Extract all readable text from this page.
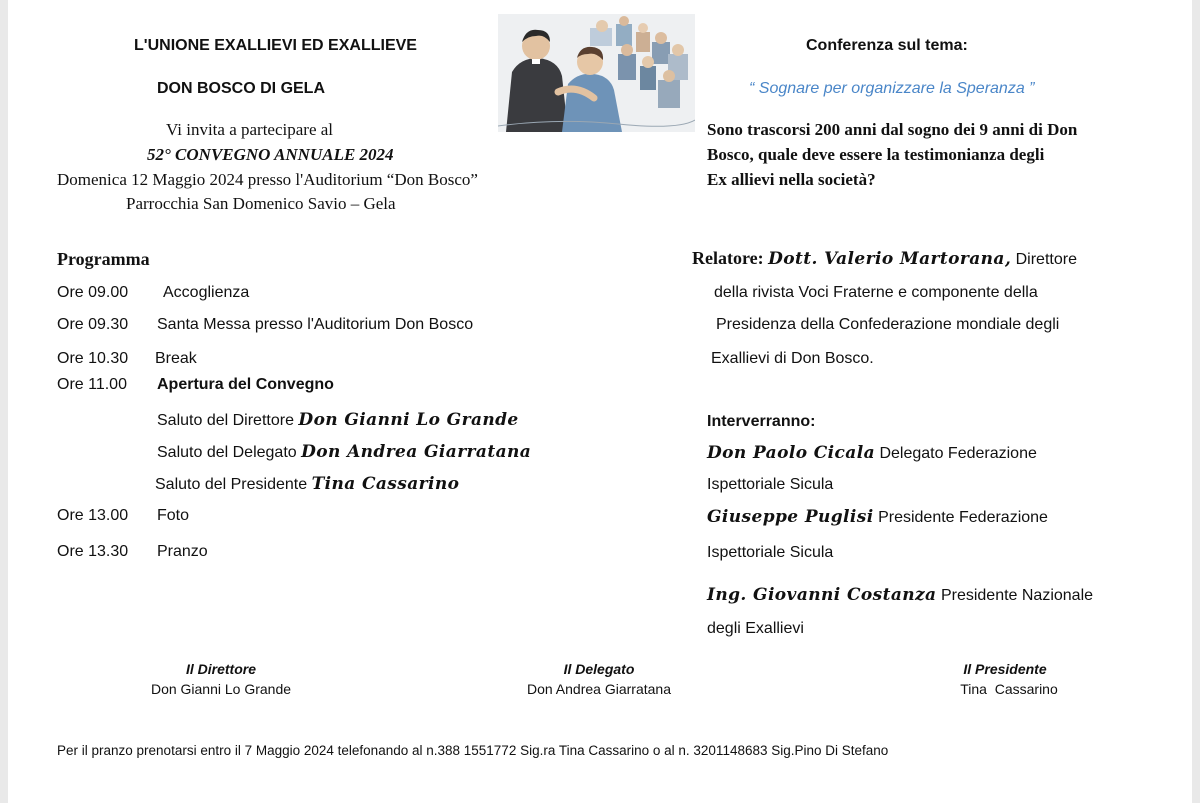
L'UNIONE EXALLIEVI ED EXALLIEVE
DON BOSCO DI GELA
Vi invita a partecipare al
52° CONVEGNO ANNUALE 2024
Domenica 12 Maggio 2024 presso l'Auditorium “Don Bosco”
Parrocchia San Domenico Savio – Gela
Conferenza sul tema:
“ Sognare per organizzare la Speranza ”
Sono trascorsi 200 anni dal sogno dei 9 anni di Don
Bosco, quale deve essere la testimonianza degli
Ex allievi nella società?
Programma
Ore 09.00 Accoglienza
Ore 09.30 Santa Messa presso l'Auditorium Don Bosco
Ore 10.30 Break
Ore 11.00 Apertura del Convegno
Saluto del Direttore Don Gianni Lo Grande
Saluto del Delegato Don Andrea Giarratana
Saluto del Presidente Tina Cassarino
Ore 13.00 Foto
Ore 13.30 Pranzo
Relatore: Dott. Valerio Martorana, Direttore
della rivista Voci Fraterne e componente della
Presidenza della Confederazione mondiale degli
Exallievi di Don Bosco.
Interverranno:
Don Paolo Cicala Delegato Federazione
Ispettoriale Sicula
Giuseppe Puglisi Presidente Federazione
Ispettoriale Sicula
Ing. Giovanni Costanza Presidente Nazionale
degli Exallievi
Il Direttore
Don Gianni Lo Grande
Il Delegato
Don Andrea Giarratana
Il Presidente
Tina  Cassarino
Per il pranzo prenotarsi entro il 7 Maggio 2024 telefonando al n.388 1551772 Sig.ra Tina Cassarino o al n. 3201148683 Sig.Pino Di Stefano
